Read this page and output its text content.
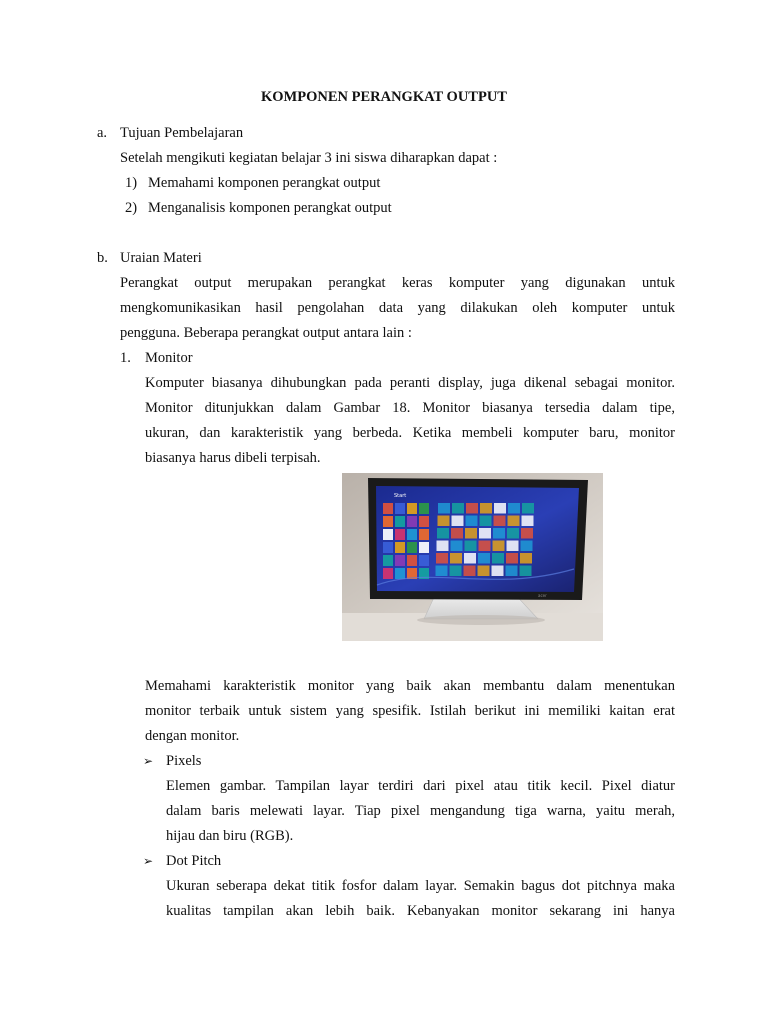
KOMPONEN PERANGKAT OUTPUT
a. Tujuan Pembelajaran
Setelah mengikuti kegiatan belajar 3 ini siswa diharapkan dapat :
1) Memahami komponen perangkat output
2) Menganalisis komponen perangkat output
b. Uraian Materi
Perangkat output merupakan perangkat keras komputer yang digunakan untuk
mengkomunikasikan hasil pengolahan data yang dilakukan oleh komputer untuk
pengguna. Beberapa perangkat output antara lain :
1. Monitor
Komputer biasanya dihubungkan pada peranti display, juga dikenal sebagai monitor.
Monitor ditunjukkan dalam Gambar 18. Monitor biasanya tersedia dalam tipe,
ukuran, dan karakteristik yang berbeda. Ketika membeli komputer baru, monitor
biasanya harus dibeli terpisah.
Start
acer
Memahami karakteristik monitor yang baik akan membantu dalam menentukan
monitor terbaik untuk sistem yang spesifik. Istilah berikut ini memiliki kaitan erat
dengan monitor.
➢ Pixels
Elemen gambar. Tampilan layar terdiri dari pixel atau titik kecil. Pixel diatur
dalam baris melewati layar. Tiap pixel mengandung tiga warna, yaitu merah,
hijau dan biru (RGB).
➢ Dot Pitch
Ukuran seberapa dekat titik fosfor dalam layar. Semakin bagus dot pitchnya maka
kualitas tampilan akan lebih baik. Kebanyakan monitor sekarang ini hanya
